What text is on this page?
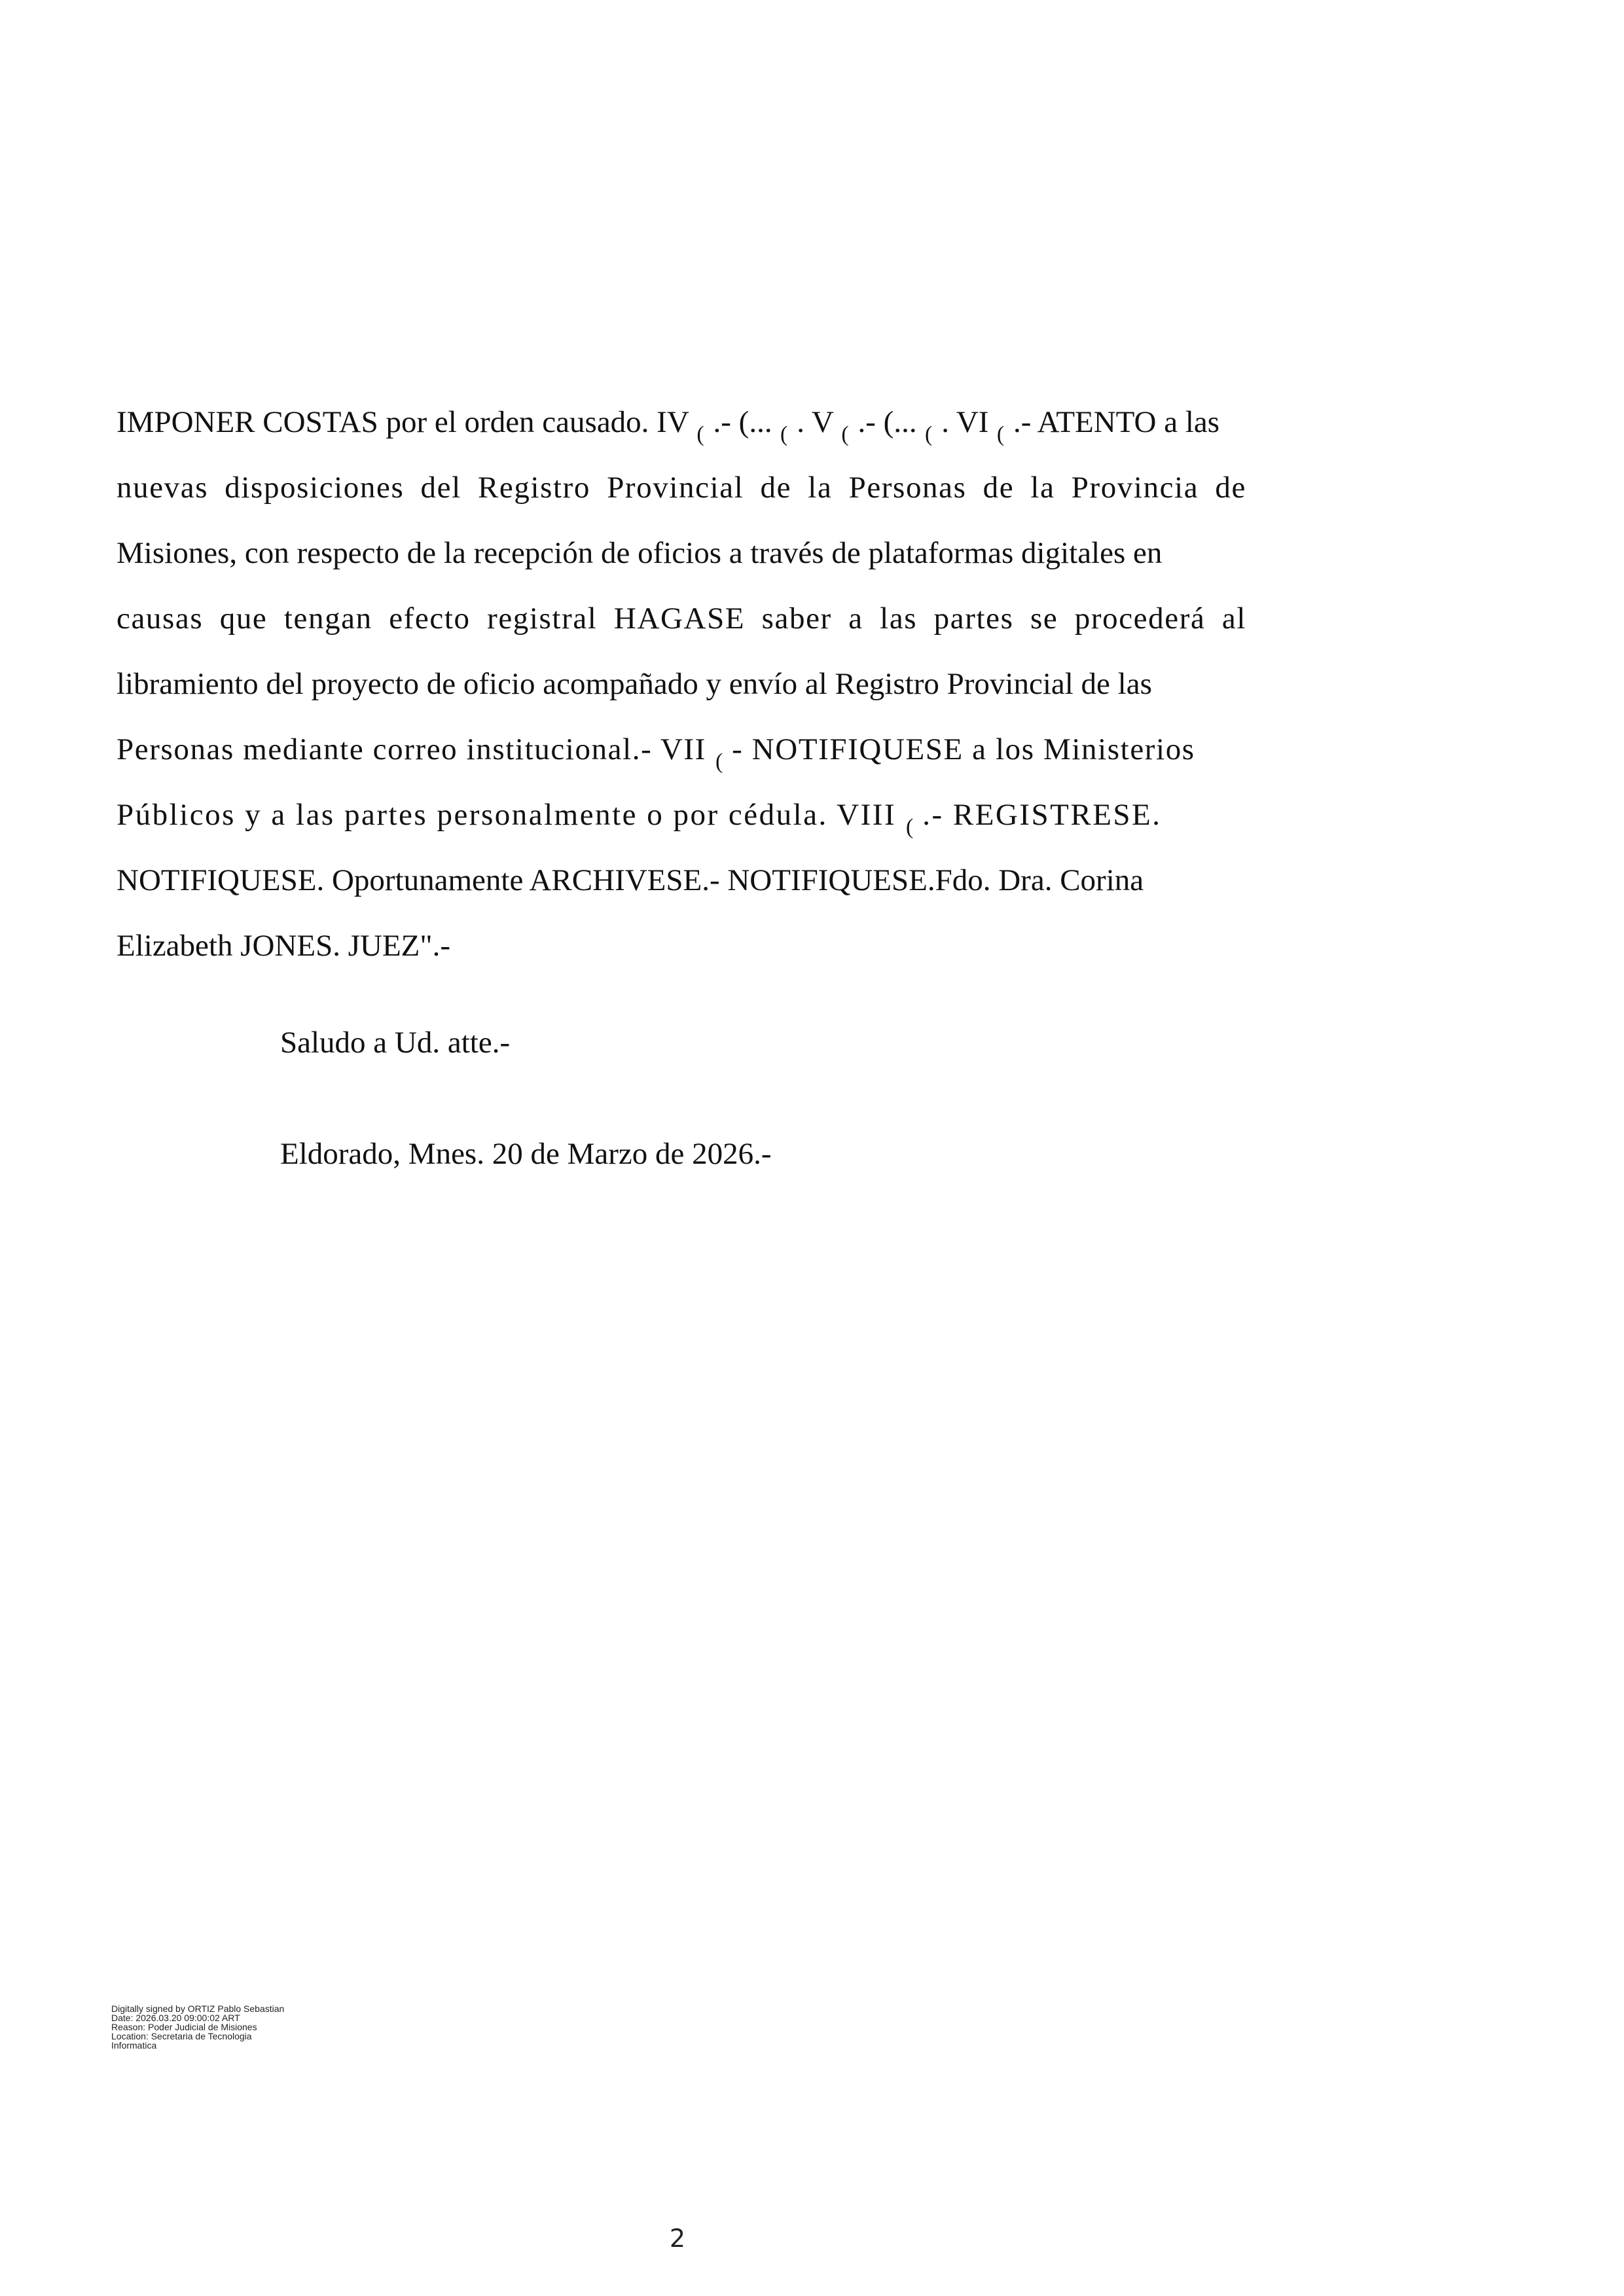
IMPONER COSTAS por el orden causado. IV ( .- (... ( . V ( .- (... ( . VI ( .- ATENTO a las
nuevas disposiciones del Registro Provincial de la Personas de la Provincia de
Misiones, con respecto de la recepción de oficios a través de plataformas digitales en
causas que tengan efecto registral HAGASE saber a las partes se procederá al
libramiento del proyecto de oficio acompañado y envío al Registro Provincial de las
Personas mediante correo institucional.- VII ( - NOTIFIQUESE a los Ministerios
Públicos y a las partes personalmente o por cédula. VIII ( .- REGISTRESE.
NOTIFIQUESE. Oportunamente ARCHIVESE.- NOTIFIQUESE.Fdo. Dra. Corina
Elizabeth JONES. JUEZ".-
Saludo a Ud. atte.-
Eldorado, Mnes. 20 de Marzo de 2026.-
Digitally signed by ORTIZ Pablo Sebastian
Date: 2026.03.20 09:00:02 ART
Reason: Poder Judicial de Misiones
Location: Secretaria de Tecnologia
Informatica
2
